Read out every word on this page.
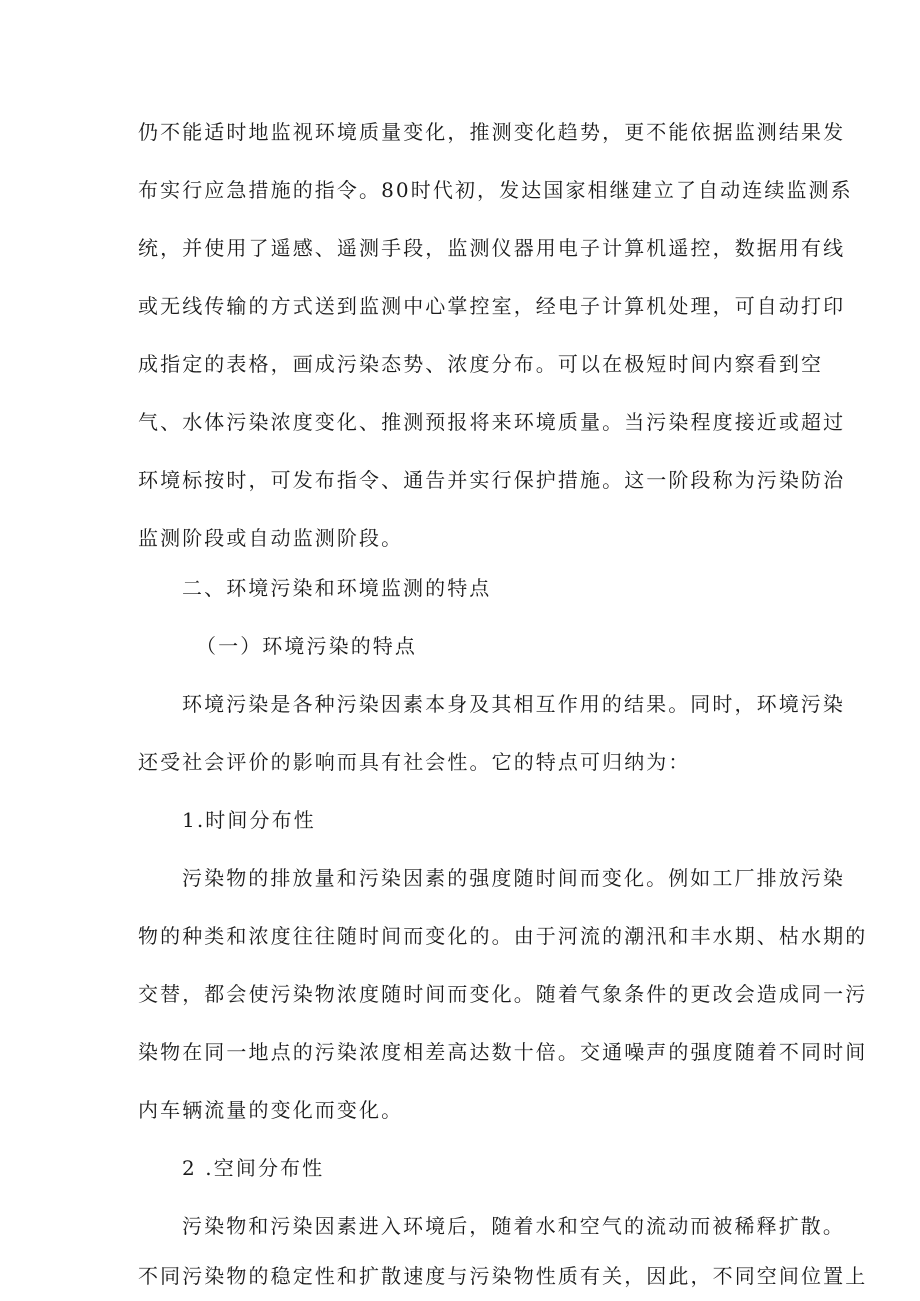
仍不能适时地监视环境质量变化，推测变化趋势，更不能依据监测结果发
布实行应急措施的指令。80时代初，发达国家相继建立了自动连续监测系
统，并使用了遥感、遥测手段，监测仪器用电子计算机遥控，数据用有线
或无线传输的方式送到监测中心掌控室，经电子计算机处理，可自动打印
成指定的表格，画成污染态势、浓度分布。可以在极短时间内察看到空
气、水体污染浓度变化、推测预报将来环境质量。当污染程度接近或超过
环境标按时，可发布指令、通告并实行保护措施。这一阶段称为污染防治
监测阶段或自动监测阶段。
二、环境污染和环境监测的特点
（一）环境污染的特点
环境污染是各种污染因素本身及其相互作用的结果。同时，环境污染
还受社会评价的影响而具有社会性。它的特点可归纳为：
1.时间分布性
污染物的排放量和污染因素的强度随时间而变化。例如工厂排放污染
物的种类和浓度往往随时间而变化的。由于河流的潮汛和丰水期、枯水期的
交替，都会使污染物浓度随时间而变化。随着气象条件的更改会造成同一污
染物在同一地点的污染浓度相差高达数十倍。交通噪声的强度随着不同时间
内车辆流量的变化而变化。
2 .空间分布性
污染物和污染因素进入环境后，随着水和空气的流动而被稀释扩散。
不同污染物的稳定性和扩散速度与污染物性质有关，因此，不同空间位置上
